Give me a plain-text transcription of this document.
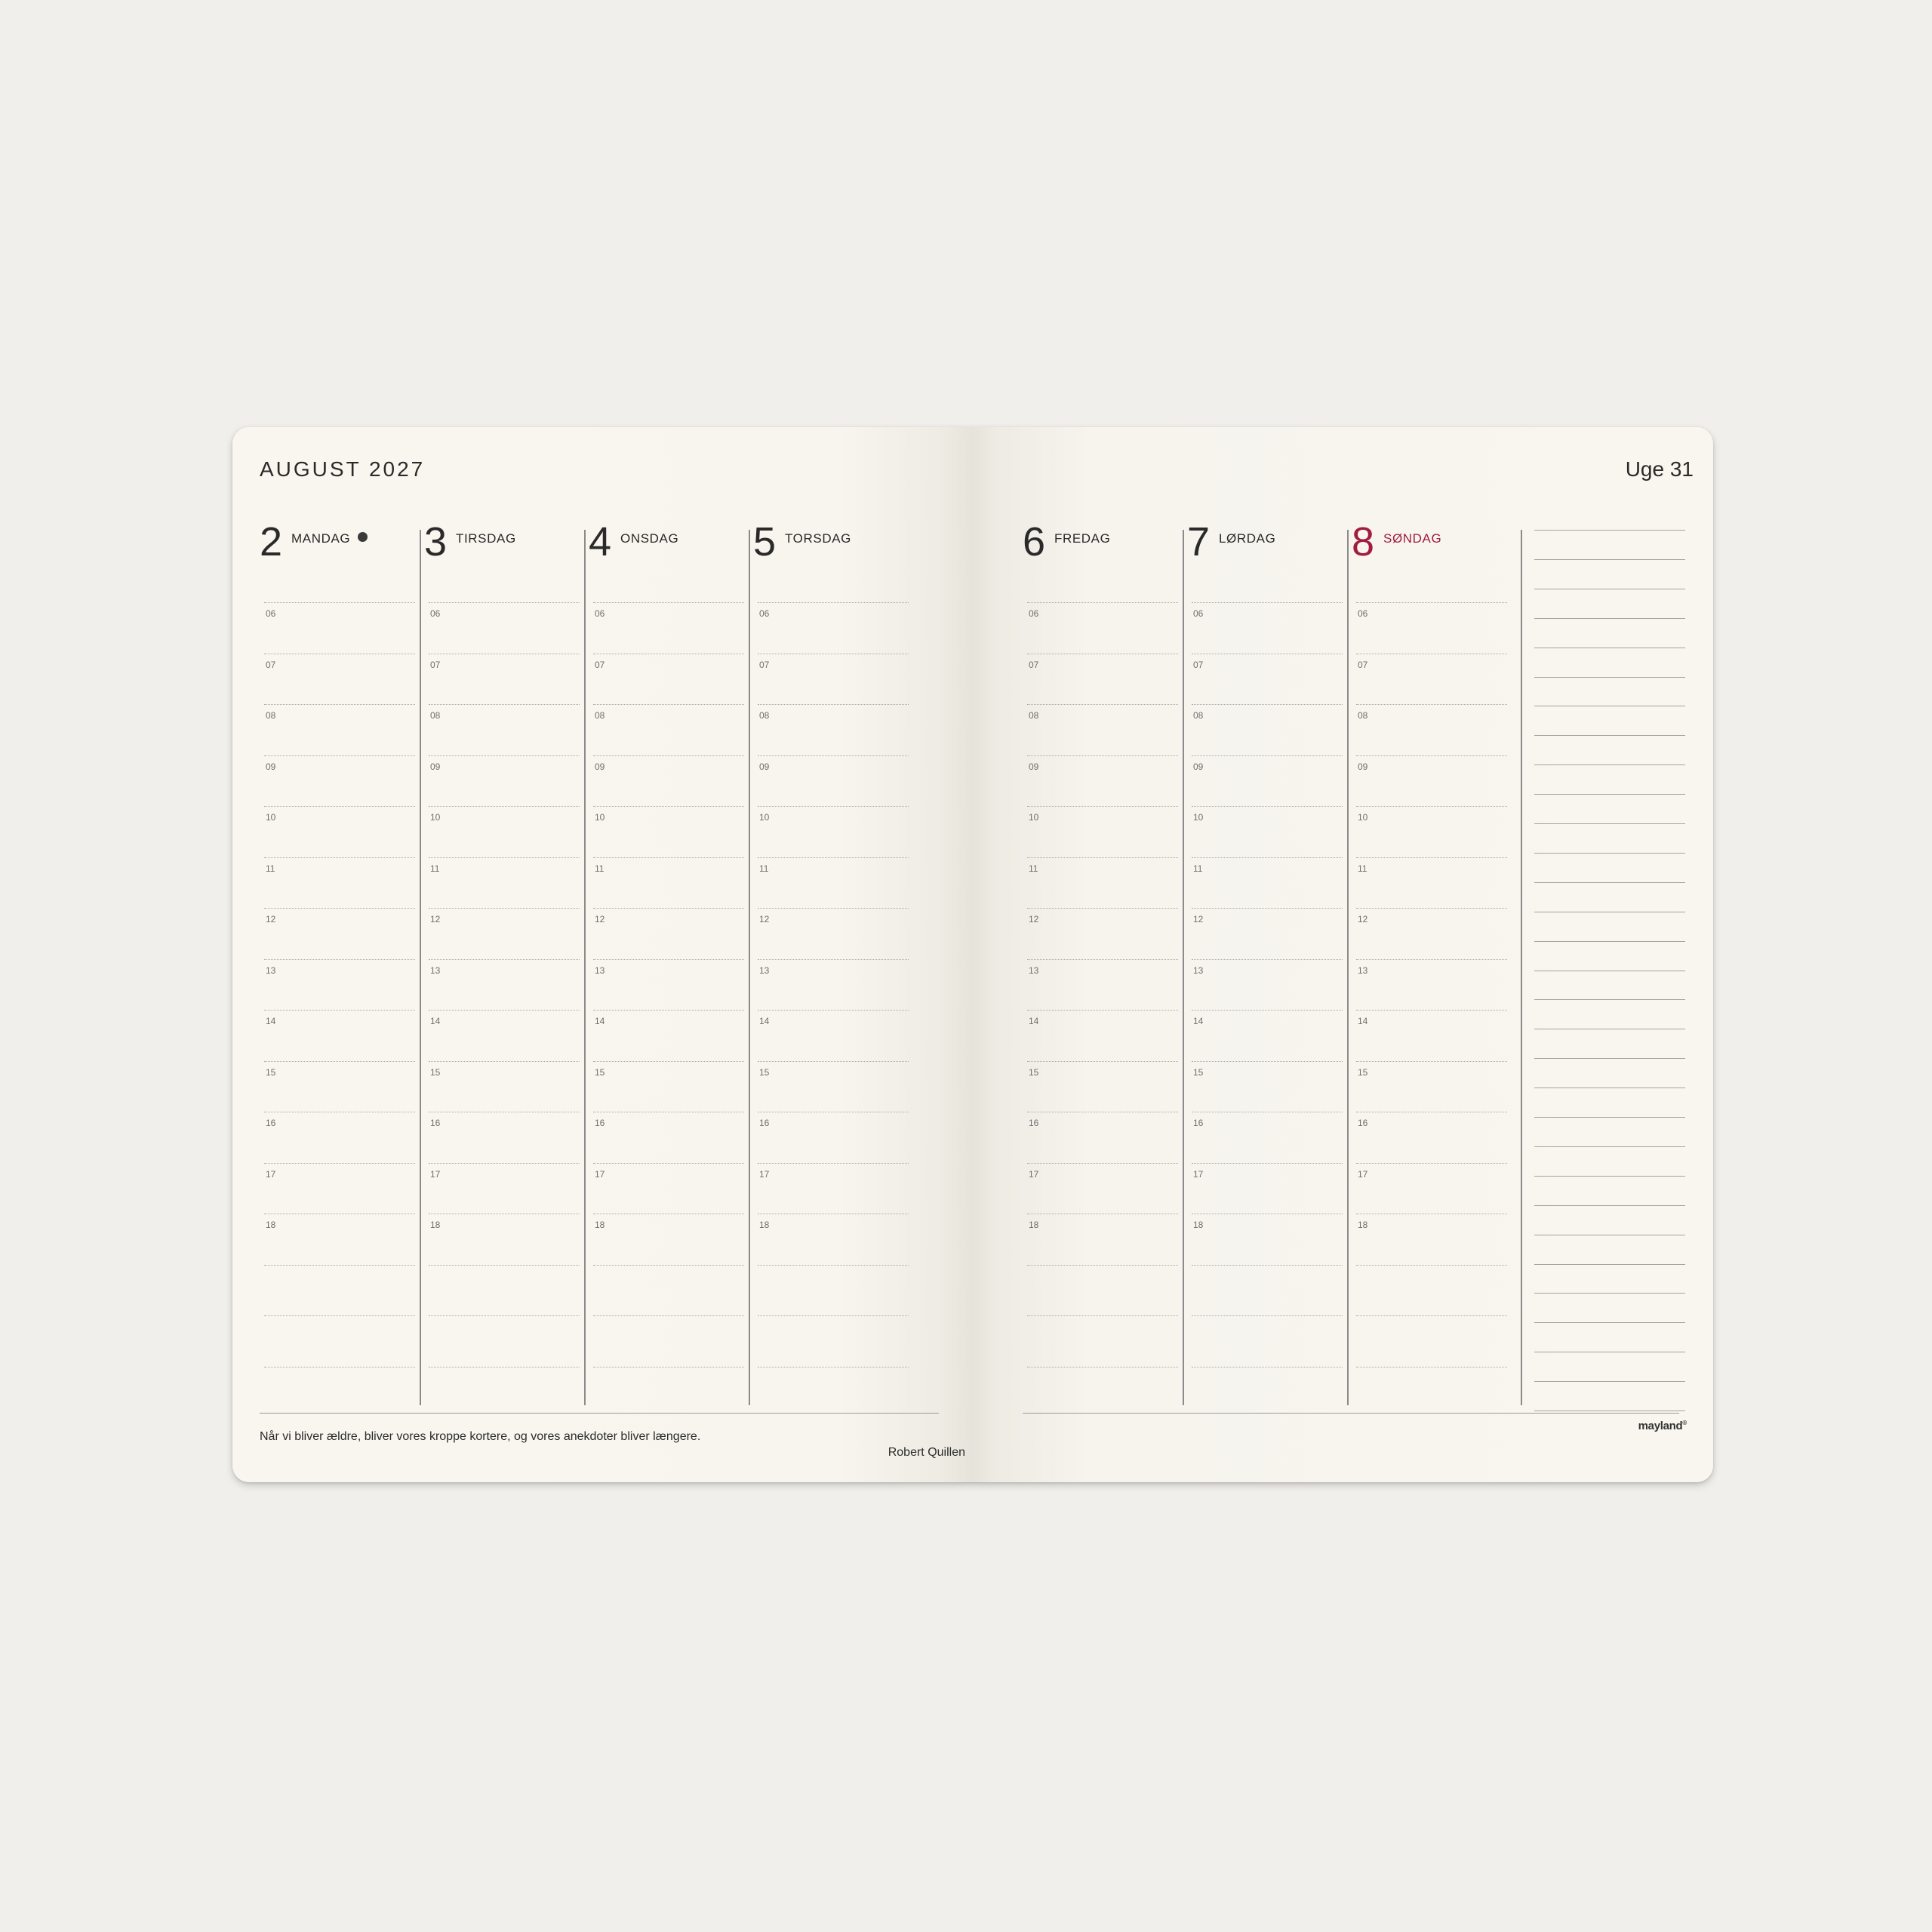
AUGUST 2027
2 MANDAG
06
07
08
09
10
11
12
13
14
15
16
17
18
3 TIRSDAG
06
07
08
09
10
11
12
13
14
15
16
17
18
4 ONSDAG
06
07
08
09
10
11
12
13
14
15
16
17
18
5 TORSDAG
06
07
08
09
10
11
12
13
14
15
16
17
18
Når vi bliver ældre, bliver vores kroppe kortere, og vores anekdoter bliver længere.
Robert Quillen
Uge 31
6 FREDAG
06
07
08
09
10
11
12
13
14
15
16
17
18
7 LØRDAG
06
07
08
09
10
11
12
13
14
15
16
17
18
8 SØNDAG
06
07
08
09
10
11
12
13
14
15
16
17
18
mayland®
